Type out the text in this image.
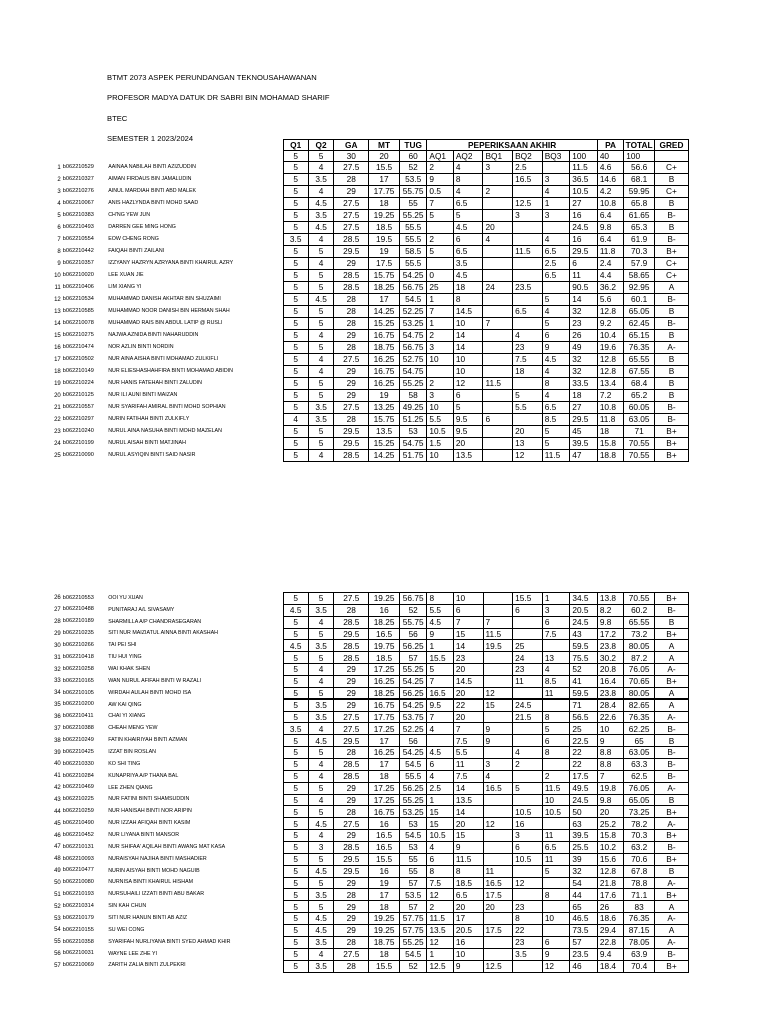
BTMT 2073 ASPEK PERUNDANGAN TEKNOUSAHAWANAN
PROFESOR MADYA DATUK DR SABRI BIN MOHAMAD SHARIF
BTEC
SEMESTER 1 2023/2024
			Q1	Q2	GA	MT	TUG	PEPERIKSAAN AKHIR						PA	TOTAL	GRED
			5	5	30	20	60	AQ1	AQ2	BQ1	BQ2	BQ3	100	40	100	
1	b062210529	AAINAA NABILAH BINTI AZIZUDDIN	5	4	27.5	15.5	52	2	4	3	2.5		11.5	4.6	56.6	C+
2	b062210327	AIMAN FIRDAUS BIN JAMALUDIN	5	3.5	28	17	53.5	9	8		16.5	3	36.5	14.6	68.1	B
3	b062210276	AINUL MARDIAH BINTI ABD MALEK	5	4	29	17.75	55.75	0.5	4	2		4	10.5	4.2	59.95	C+
4	b062210067	ANIS HAZLYNDA BINTI MOHD SAAD	5	4.5	27.5	18	55	7	6.5		12.5	1	27	10.8	65.8	B
5	b062210383	CH'NG YEW JUN	5	3.5	27.5	19.25	55.25	5	5		3	3	16	6.4	61.65	B-
6	b062210493	DARREN GEE MING HONG	5	4.5	27.5	18.5	55.5		4.5	20			24.5	9.8	65.3	B
7	b062210554	EOW CHENG RONG	3.5	4	28.5	19.5	55.5	2	6	4		4	16	6.4	61.9	B-
8	b062210442	FAIQAH BINTI ZAILANI	5	5	29.5	19	58.5	5	6.5		11.5	6.5	29.5	11.8	70.3	B+
9	b062210357	IZZYANY HAZRYN AZRYANA BINTI KHAIRUL AZRY	5	4	29	17.5	55.5		3.5			2.5	6	2.4	57.9	C+
10	b062210020	LEE XUAN JIE	5	5	28.5	15.75	54.25	0	4.5			6.5	11	4.4	58.65	C+
11	b062210406	LIM XIANG YI	5	5	28.5	18.25	56.75	25	18	24	23.5		90.5	36.2	92.95	A
12	b062210534	MUHAMMAD DANISH AKHTAR BIN SHUZAIMI	5	4.5	28	17	54.5	1	8			5	14	5.6	60.1	B-
13	b062210585	MUHAMMAD NOOR DANISH BIN HERMAN SHAH	5	5	28	14.25	52.25	7	14.5		6.5	4	32	12.8	65.05	B
14	b062210078	MUHAMMAD RAIS BIN ABDUL LATIP @ RUSLI	5	5	28	15.25	53.25	1	10	7		5	23	9.2	62.45	B-
15	b062210275	NAJWA AZNIDA BINTI NAHARUDDIN	5	4	29	16.75	54.75	2	14		4	6	26	10.4	65.15	B
16	b062210474	NOR AZLIN BINTI NORDIN	5	5	28	18.75	56.75	3	14		23	9	49	19.6	76.35	A-
17	b062210502	NUR AINA AISHA BINTI MOHAMAD ZULKIFLI	5	4	27.5	16.25	52.75	10	10		7.5	4.5	32	12.8	65.55	B
18	b062210149	NUR ELIESHASHAHFIRA BINTI MOHAMAD ABIDIN	5	4	29	16.75	54.75		10		18	4	32	12.8	67.55	B
19	b062210224	NUR HANIS FATEHAH BINTI ZALUDIN	5	5	29	16.25	55.25	2	12	11.5		8	33.5	13.4	68.4	B
20	b062210125	NUR ILI AUNI BINTI MAIZAN	5	5	29	19	58	3	6		5	4	18	7.2	65.2	B
21	b062210557	NUR SYARIFAH AMIRAL BINTI MOHD SOPHIAN	5	3.5	27.5	13.25	49.25	10	5		5.5	6.5	27	10.8	60.05	B-
22	b062210297	NURIN FATIHAH BINTI ZULKIFLY	4	3.5	28	15.75	51.25	5.5	9.5	6		8.5	29.5	11.8	63.05	B-
23	b062210240	NURUL AINA NASUHA BINTI MOHD MAZELAN	5	5	29.5	13.5	53	10.5	9.5		20	5	45	18	71	B+
24	b062210199	NURUL AISAH BINTI MATJINAH	5	5	29.5	15.25	54.75	1.5	20		13	5	39.5	15.8	70.55	B+
25	b062210090	NURUL ASYIQIN BINTI SAID NASIR	5	4	28.5	14.25	51.75	10	13.5		12	11.5	47	18.8	70.55	B+
26	b062210553	OOI YU XUAN	5	5	27.5	19.25	56.75	8	10		15.5	1	34.5	13.8	70.55	B+
27	b062210488	PUNITARAJ A/L SIVASAMY	4.5	3.5	28	16	52	5.5	6		6	3	20.5	8.2	60.2	B-
28	b062210189	SHARMILLA A/P CHANDRASEGARAN	5	4	28.5	18.25	55.75	4.5	7	7		6	24.5	9.8	65.55	B
29	b062210235	SITI NUR MAIZIATUL AINNA BINTI AKASHAH	5	5	29.5	16.5	56	9	15	11.5		7.5	43	17.2	73.2	B+
30	b062210266	TAI PEI SHI	4.5	3.5	28.5	19.75	56.25	1	14	19.5	25		59.5	23.8	80.05	A
31	b062210418	TIU HUI YING	5	5	28.5	18.5	57	15.5	23		24	13	75.5	30.2	87.2	A
32	b062210258	WAI KHAK SHEN	5	4	29	17.25	55.25	5	20		23	4	52	20.8	76.05	A-
33	b062210165	WAN NURUL AFIFAH BINTI W RAZALI	5	4	29	16.25	54.25	7	14.5		11	8.5	41	16.4	70.65	B+
34	b062210105	WIRDAH AULAH BINTI MOHD ISA	5	5	29	18.25	56.25	16.5	20	12		11	59.5	23.8	80.05	A
35	b062210200	AW KAI QING	5	3.5	29	16.75	54.25	9.5	22	15	24.5		71	28.4	82.65	A
36	b062210411	CHAI YI XIANG	5	3.5	27.5	17.75	53.75	7	20		21.5	8	56.5	22.6	76.35	A-
37	b062210388	CHEAH MENG YEW	3.5	4	27.5	17.25	52.25	4	7	9		5	25	10	62.25	B-
38	b062210249	FATIN KHAIRIYAH BINTI AZMAN	5	4.5	29.5	17	56		7.5	9		6	22.5	9	65	B
39	b062210425	IZZAT BIN ROSLAN	5	5	28	16.25	54.25	4.5	5.5		4	8	22	8.8	63.05	B-
40	b062210330	KO SHI TING	5	4	28.5	17	54.5	6	11	3	2		22	8.8	63.3	B-
41	b062210284	KUNAPRIYA A/P THANA BAL	5	4	28.5	18	55.5	4	7.5	4		2	17.5	7	62.5	B-
42	b062210469	LEE ZHEN QIANG	5	5	29	17.25	56.25	2.5	14	16.5	5	11.5	49.5	19.8	76.05	A-
43	b062210225	NUR FATINI BINTI SHAMSUDDIN	5	4	29	17.25	55.25	1	13.5			10	24.5	9.8	65.05	B
44	b062210259	NUR HANISAH BINTI NOR ARIPIN	5	5	28	16.75	53.25	15	14		10.5	10.5	50	20	73.25	B+
45	b062210490	NUR IZZAH AFIQAH BINTI KASIM	5	4.5	27.5	16	53	15	20	12	16		63	25.2	78.2	A-
46	b062210452	NUR LIYANA BINTI MANSOR	5	4	29	16.5	54.5	10.5	15		3	11	39.5	15.8	70.3	B+
47	b062210131	NUR SHIFAA' AQILAH BINTI AWANG MAT KASA	5	3	28.5	16.5	53	4	9		6	6.5	25.5	10.2	63.2	B-
48	b062210093	NURAISYAH NAJIHA BINTI MASHADIER	5	5	29.5	15.5	55	6	11.5		10.5	11	39	15.6	70.6	B+
49	b062210477	NURIN AISYAH BINTI MOHD NAGUIB	5	4.5	29.5	16	55	8	8	11		5	32	12.8	67.8	B
50	b062210080	NURNISA BINTI KHAIRUL HISHAM	5	5	29	19	57	7.5	18.5	16.5	12		54	21.8	78.8	A-
51	b062210193	NURSUHAILI IZZATI BINTI ABU BAKAR	5	3.5	28	17	53.5	12	6.5	17.5		8	44	17.6	71.1	B+
52	b062210314	SIN KAH CHUN	5	5	29	18	57	2	20	20	23		65	26	83	A
53	b062210179	SITI NUR HANUN BINTI AB AZIZ	5	4.5	29	19.25	57.75	11.5	17		8	10	46.5	18.6	76.35	A-
54	b062210155	SU WEI CONG	5	4.5	29	19.25	57.75	13.5	20.5	17.5	22		73.5	29.4	87.15	A
55	b062210358	SYARIFAH NURLIYANA BINTI SYED AHMAD KHIR	5	3.5	28	18.75	55.25	12	16		23	6	57	22.8	78.05	A-
56	b062210031	WAYNE LEE ZHE YI	5	4	27.5	18	54.5	1	10		3.5	9	23.5	9.4	63.9	B-
57	b062210069	ZARITH ZALIA BINTI ZULPEKRI	5	3.5	28	15.5	52	12.5	9	12.5		12	46	18.4	70.4	B+
